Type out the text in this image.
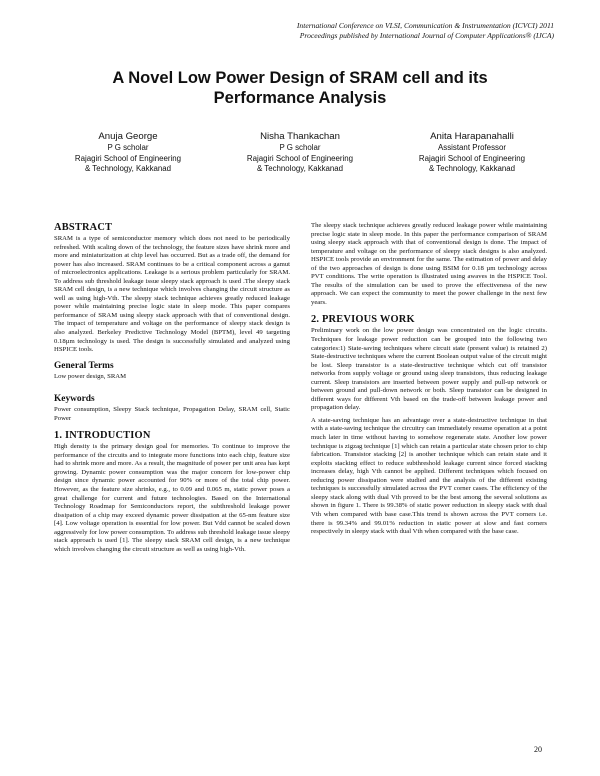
International Conference on VLSI, Communication & Instrumentation (ICVCI) 2011
Proceedings published by International Journal of Computer Applications® (IJCA)
A Novel Low Power Design of SRAM cell and its Performance Analysis
Anuja George
P G scholar
Rajagiri School of Engineering
& Technology, Kakkanad
Nisha Thankachan
P G scholar
Rajagiri School of Engineering
& Technology, Kakkanad
Anita Harapanahalli
Assistant Professor
Rajagiri School of Engineering
& Technology, Kakkanad
ABSTRACT

SRAM is a type of semiconductor memory which does not need to be periodically refreshed. With scaling down of the technology, the feature sizes have shrink more and more and miniaturization at chip level has occurred. But as a trade off, the demand for power has also increased. SRAM continues to be a critical component across a gamut of microelectronics applications. Leakage is a serious problem particularly for SRAM. To address sub threshold leakage issue sleepy stack approach is used .The sleepy stack SRAM cell design, is a new technique which involves changing the circuit structure as well as using high-Vth. The sleepy stack technique achieves greatly reduced leakage power while maintaining precise logic state in sleep mode. This paper compares performance of SRAM using sleepy stack approach with that of conventional design. The impact of temperature and voltage on the performance of sleepy stack design is also analyzed. Berkeley Predictive Technology Model (BPTM), level 49 targeting 0.18µm technology is used. The design is successfully simulated and analyzed using HSPICE tools.

General Terms

Low power design, SRAM

Keywords

Power consumption, Sleepy Stack technique, Propagation Delay, SRAM cell, Static Power

1. INTRODUCTION

High density is the primary design goal for memories. To continue to improve the performance of the circuits and to integrate more functions into each chip, feature size had to shrink more and more. As a result, the magnitude of power per unit area has kept growing. Dynamic power consumption was the major concern for low-power chip design since dynamic power accounted for 90% or more of the total chip power. However, as the feature size shrinks, e.g., to 0.09 and 0.065 m, static power poses a great challenge for current and future technologies. Based on the International Technology Roadmap for Semiconductors report, the subthreshold leakage power dissipation of a chip may exceed dynamic power dissipation at the 65-nm feature size [4]. Low voltage operation is essential for low power. But Vdd cannot be scaled down aggressively for low power consumption. To address sub threshold leakage issue sleepy stack approach is used [1]. The sleepy stack SRAM cell design, is a new technique which involves changing the circuit structure as well as using high-Vth.

The sleepy stack technique achieves greatly reduced leakage power while maintaining precise logic state in sleep mode. In this paper the performance comparison of SRAM using sleepy stack approach with that of conventional design is done. The impact of temperature and voltage on the performance of sleepy stack designs is also analyzed. HSPICE tools provide an environment for the same. The estimation of power and delay of the two approaches of design is done using BSIM for 0.18 µm technology across PVT conditions. The write operation is illustrated using awaves in the HSPICE Tool. The results of the simulation can be used to prove the effectiveness of the new approach. We can expect the community to meet the power challenge in the next few years.

2. PREVIOUS WORK

Preliminary work on the low power design was concentrated on the logic circuits. Techniques for leakage power reduction can be grouped into the following two categories:1) State-saving techniques where circuit state (present value) is retained 2) State-destructive techniques where the current Boolean output value of the circuit might be lost. Sleep transistor is a state-destructive technique which cut off transistor networks from supply voltage or ground using sleep transistors, thus reducing leakage current. Sleep transistors are inserted between power supply and pull-up network or between ground and pull-down network or both. Sleep transistor can be designed in different ways for different Vth based on the trade-off between leakage power and propagation delay.

A state-saving technique has an advantage over a state-destructive technique in that with a state-saving technique the circuitry can immediately resume operation at a point much later in time without having to somehow regenerate state. Another low power technique is zigzag technique [1] which can retain a particular state chosen prior to chip fabrication. Transistor stacking [2] is another technique which can retain state and it exploits stacking effect to reduce subthreshold leakage current since forced stacking increases delay, high Vth cannot be applied. Different techniques which focused on reducing power dissipation were studied and the analysis of the different existing techniques is successfully simulated across the PVT corner cases. The efficiency of the sleepy stack along with dual Vth proved to be the best among the several solutions as shown in figure 1. There is 99.38% of static power reduction in sleepy stack with dual Vth when compared with base case.This trend is shown across the PVT corners i.e. there is 99.34% and 99.01% reduction in static power at slow and fast corners respectively in sleepy stack with dual Vth when compared with the base case.

20
